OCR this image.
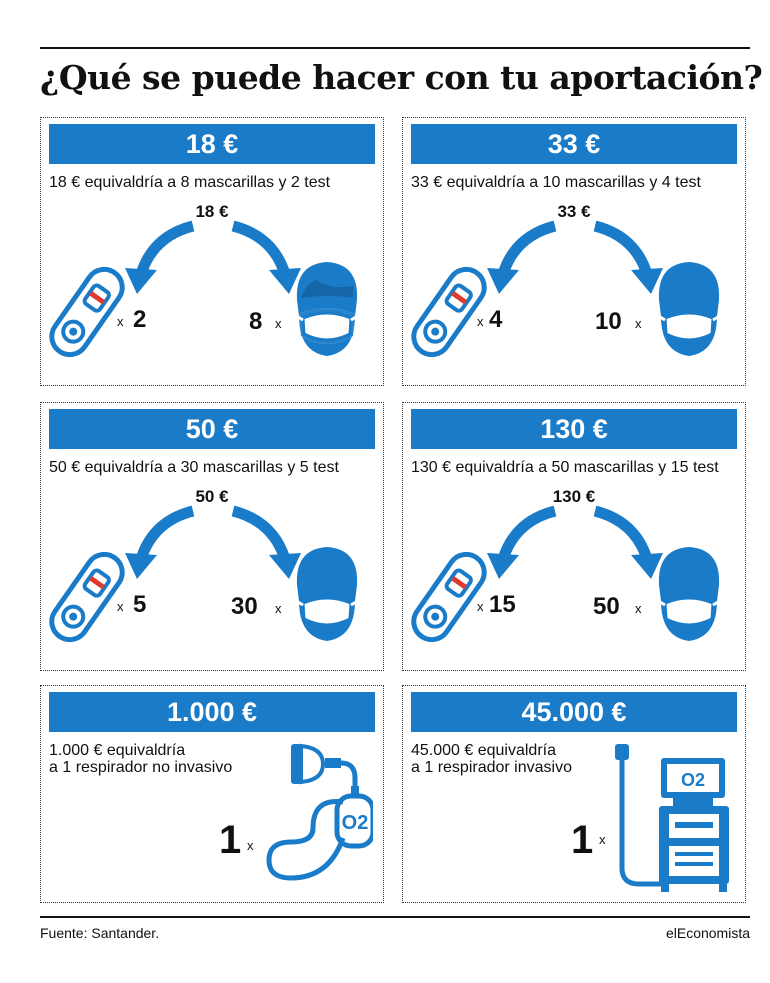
¿Qué se puede hacer con tu aportación?
18 €
18 € equivaldría a 8 mascarillas y 2 test
18 €
x 2	8 x
33 €
33 € equivaldría a 10 mascarillas y 4 test
33 €
x 4	10 x
50 €
50 € equivaldría a 30 mascarillas y 5 test
50 €
x 5	30 x
130 €
130 € equivaldría a 50 mascarillas y 15 test
130 €
x 15	50 x
1.000 €
1.000 € equivaldría
a 1 respirador no invasivo
1 x
O2
45.000 €
45.000 € equivaldría
a 1 respirador invasivo
1 x
O2
Fuente: Santander.	elEconomista
